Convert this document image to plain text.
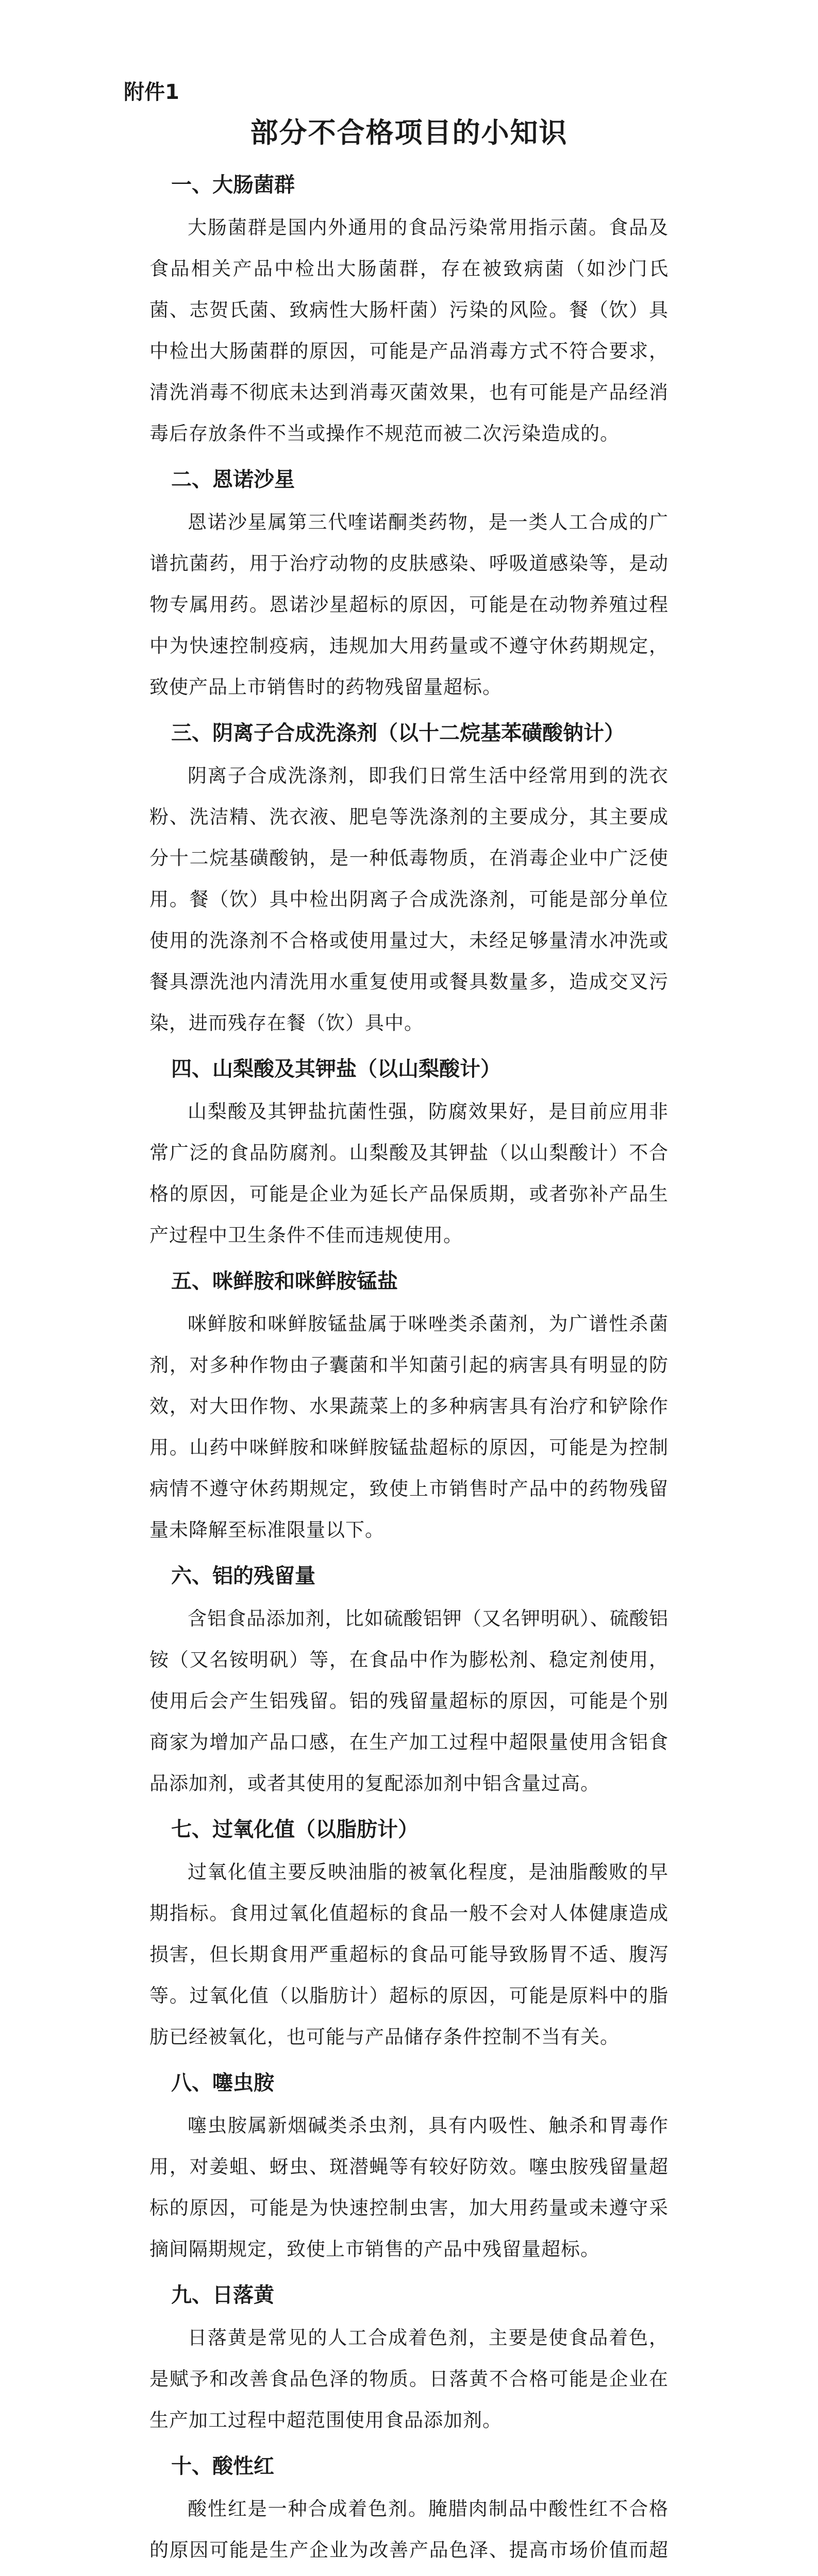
附件1
部分不合格项目的小知识
一、大肠菌群

大肠菌群是国内外通用的食品污染常用指示菌。食品及食品相关产品中检出大肠菌群，存在被致病菌（如沙门氏菌、志贺氏菌、致病性大肠杆菌）污染的风险。餐（饮）具中检出大肠菌群的原因，可能是产品消毒方式不符合要求，清洗消毒不彻底未达到消毒灭菌效果，也有可能是产品经消毒后存放条件不当或操作不规范而被二次污染造成的。

二、恩诺沙星

恩诺沙星属第三代喹诺酮类药物，是一类人工合成的广谱抗菌药，用于治疗动物的皮肤感染、呼吸道感染等，是动物专属用药。恩诺沙星超标的原因，可能是在动物养殖过程中为快速控制疫病，违规加大用药量或不遵守休药期规定，致使产品上市销售时的药物残留量超标。

三、阴离子合成洗涤剂（以十二烷基苯磺酸钠计）

阴离子合成洗涤剂，即我们日常生活中经常用到的洗衣粉、洗洁精、洗衣液、肥皂等洗涤剂的主要成分，其主要成分十二烷基磺酸钠，是一种低毒物质，在消毒企业中广泛使用。餐（饮）具中检出阴离子合成洗涤剂，可能是部分单位使用的洗涤剂不合格或使用量过大，未经足够量清水冲洗或餐具漂洗池内清洗用水重复使用或餐具数量多，造成交叉污染，进而残存在餐（饮）具中。

四、山梨酸及其钾盐（以山梨酸计）

山梨酸及其钾盐抗菌性强，防腐效果好，是目前应用非常广泛的食品防腐剂。山梨酸及其钾盐（以山梨酸计）不合格的原因，可能是企业为延长产品保质期，或者弥补产品生产过程中卫生条件不佳而违规使用。

五、咪鲜胺和咪鲜胺锰盐

咪鲜胺和咪鲜胺锰盐属于咪唑类杀菌剂，为广谱性杀菌剂，对多种作物由子囊菌和半知菌引起的病害具有明显的防效，对大田作物、水果蔬菜上的多种病害具有治疗和铲除作用。山药中咪鲜胺和咪鲜胺锰盐超标的原因，可能是为控制病情不遵守休药期规定，致使上市销售时产品中的药物残留量未降解至标准限量以下。

六、铝的残留量

含铝食品添加剂，比如硫酸铝钾（又名钾明矾）、硫酸铝铵（又名铵明矾）等，在食品中作为膨松剂、稳定剂使用，使用后会产生铝残留。铝的残留量超标的原因，可能是个别商家为增加产品口感，在生产加工过程中超限量使用含铝食品添加剂，或者其使用的复配添加剂中铝含量过高。

七、过氧化值（以脂肪计）

过氧化值主要反映油脂的被氧化程度，是油脂酸败的早期指标。食用过氧化值超标的食品一般不会对人体健康造成损害，但长期食用严重超标的食品可能导致肠胃不适、腹泻等。过氧化值（以脂肪计）超标的原因，可能是原料中的脂肪已经被氧化，也可能与产品储存条件控制不当有关。

八、噻虫胺

噻虫胺属新烟碱类杀虫剂，具有内吸性、触杀和胃毒作用，对姜蛆、蚜虫、斑潜蝇等有较好防效。噻虫胺残留量超标的原因，可能是为快速控制虫害，加大用药量或未遵守采摘间隔期规定，致使上市销售的产品中残留量超标。

九、日落黄

日落黄是常见的人工合成着色剂，主要是使食品着色，是赋予和改善食品色泽的物质。日落黄不合格可能是企业在生产加工过程中超范围使用食品添加剂。

十、酸性红

酸性红是一种合成着色剂。腌腊肉制品中酸性红不合格的原因可能是生产企业为改善产品色泽、提高市场价值而超
